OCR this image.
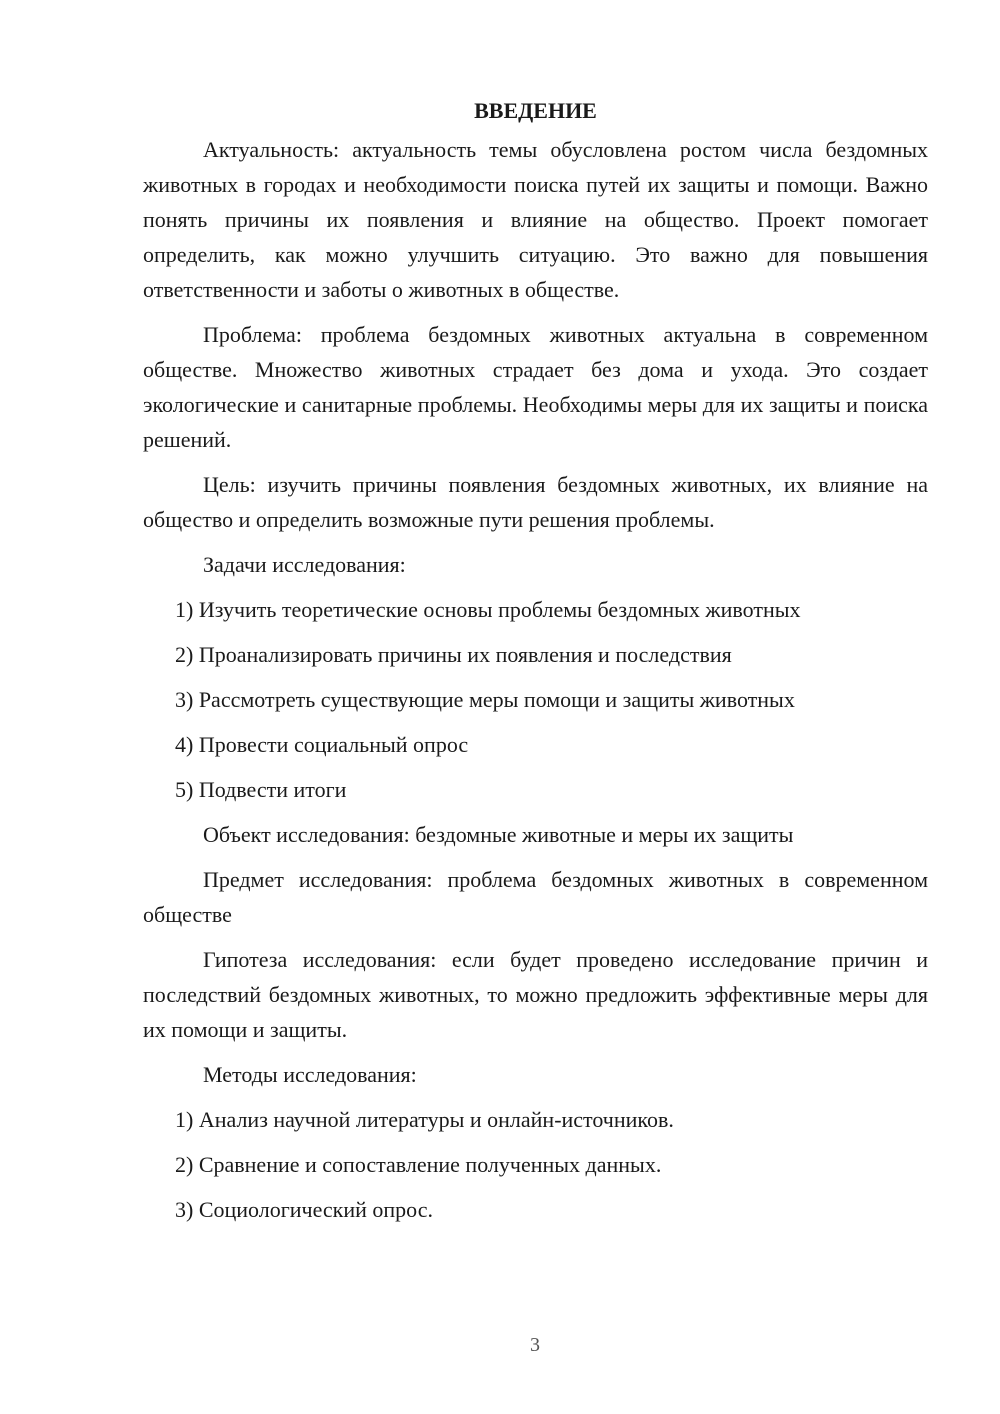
ВВЕДЕНИЕ

Актуальность: актуальность темы обусловлена ростом числа бездомных животных в городах и необходимости поиска путей их защиты и помощи. Важно понять причины их появления и влияние на общество. Проект помогает определить, как можно улучшить ситуацию. Это важно для повышения ответственности и заботы о животных в обществе.

Проблема: проблема бездомных животных актуальна в современном обществе. Множество животных страдает без дома и ухода. Это создает экологические и санитарные проблемы. Необходимы меры для их защиты и поиска решений.

Цель: изучить причины появления бездомных животных, их влияние на общество и определить возможные пути решения проблемы.

Задачи исследования:
1) Изучить теоретические основы проблемы бездомных животных
2) Проанализировать причины их появления и последствия
3) Рассмотреть существующие меры помощи и защиты животных
4) Провести социальный опрос
5) Подвести итоги
Объект исследования: бездомные животные и меры их защиты

Предмет исследования: проблема бездомных животных в современном обществе

Гипотеза исследования: если будет проведено исследование причин и последствий бездомных животных, то можно предложить эффективные меры для их помощи и защиты.

Методы исследования:
1) Анализ научной литературы и онлайн-источников.
2) Сравнение и сопоставление полученных данных.
3) Социологический опрос.
3
